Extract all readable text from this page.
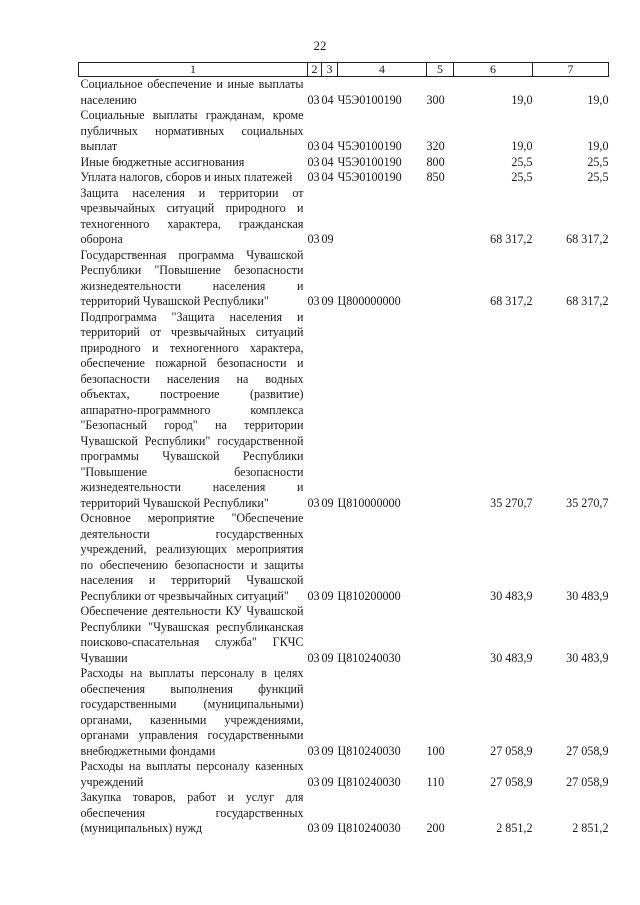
22
1	2	3	4	5	6	7
Социальное обеспечение и иные выплаты населению	03	04	Ч5Э0100190	300	19,0	19,0
Социальные выплаты гражданам, кроме публичных нормативных социальных выплат	03	04	Ч5Э0100190	320	19,0	19,0
Иные бюджетные ассигнования	03	04	Ч5Э0100190	800	25,5	25,5
Уплата налогов, сборов и иных платежей	03	04	Ч5Э0100190	850	25,5	25,5
Защита населения и территории от чрезвычайных ситуаций природного и техногенного характера, гражданская оборона	03	09			68 317,2	68 317,2
Государственная программа Чувашской Республики "Повышение безопасности жизнедеятельности населения и территорий Чувашской Республики"	03	09	Ц800000000		68 317,2	68 317,2
Подпрограмма "Защита населения и территорий от чрезвычайных ситуаций природного и техногенного характера, обеспечение пожарной безопасности и безопасности населения на водных объектах, построение (развитие) аппаратно-программного комплекса "Безопасный город" на территории Чувашской Республики" государственной программы Чувашской Республики "Повышение безопасности жизнедеятельности населения и территорий Чувашской Республики"	03	09	Ц810000000		35 270,7	35 270,7
Основное мероприятие "Обеспечение деятельности государственных учреждений, реализующих мероприятия по обеспечению безопасности и защиты населения и территорий Чувашской Республики от чрезвычайных ситуаций"	03	09	Ц810200000		30 483,9	30 483,9
Обеспечение деятельности КУ Чувашской Республики "Чувашская республиканская поисково-спасательная служба" ГКЧС Чувашии	03	09	Ц810240030		30 483,9	30 483,9
Расходы на выплаты персоналу в целях обеспечения выполнения функций государственными (муниципальными) органами, казенными учреждениями, органами управления государственными внебюджетными фондами	03	09	Ц810240030	100	27 058,9	27 058,9
Расходы на выплаты персоналу казенных учреждений	03	09	Ц810240030	110	27 058,9	27 058,9
Закупка товаров, работ и услуг для обеспечения государственных (муниципальных) нужд	03	09	Ц810240030	200	2 851,2	2 851,2
